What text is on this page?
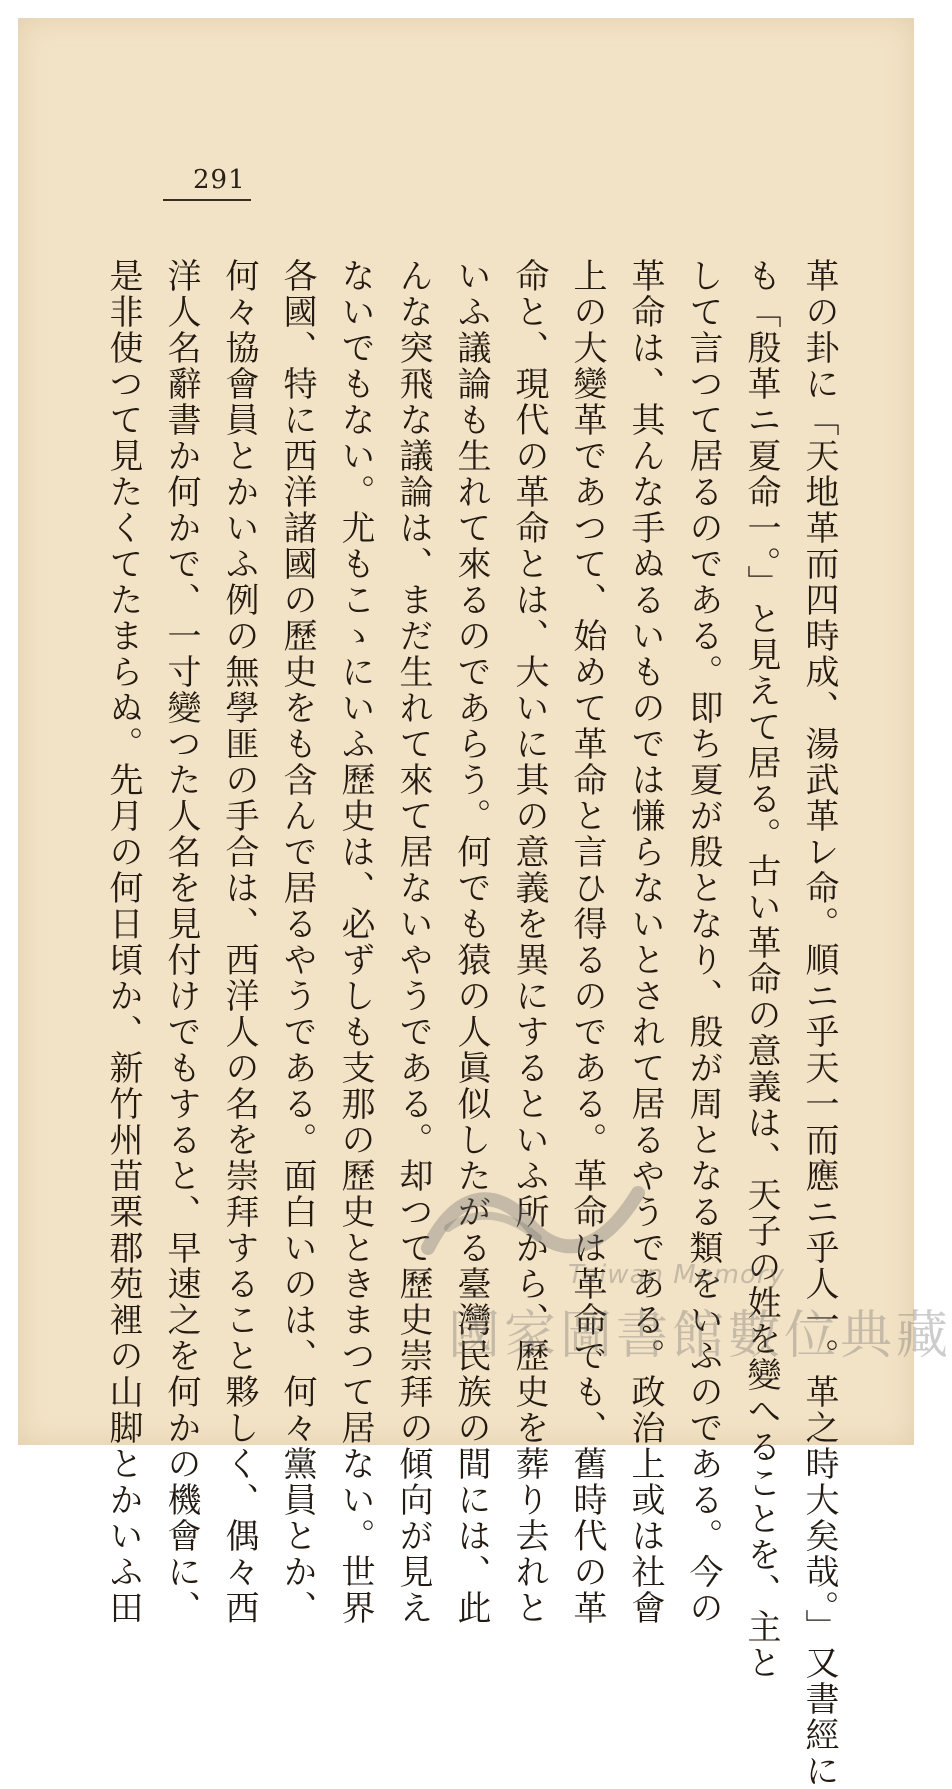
291
革の卦に「天地革而四時成、湯武革レ命。順ニ乎天一而應ニ乎人一。革之時大矣哉。」又書經に
も「殷革ニ夏命一。」と見えて居る。古い革命の意義は、天子の姓を變へることを、主と
して言つて居るのである。即ち夏が殷となり、殷が周となる類をいふのである。今の
革命は、其んな手ぬるいものでは慊らないとされて居るやうである。政治上或は社會
上の大變革であつて、始めて革命と言ひ得るのである。革命は革命でも、舊時代の革
命と、現代の革命とは、大いに其の意義を異にするといふ所から、歷史を葬り去れと
いふ議論も生れて來るのであらう。何でも猿の人眞似したがる臺灣民族の間には、此
んな突飛な議論は、まだ生れて來て居ないやうである。却つて歷史崇拜の傾向が見え
ないでもない。尤もこゝにいふ歷史は、必ずしも支那の歷史ときまつて居ない。世界
各國、特に西洋諸國の歷史をも含んで居るやうである。面白いのは、何々黨員とか、
何々協會員とかいふ例の無學匪の手合は、西洋人の名を崇拜すること夥しく、偶々西
洋人名辭書か何かで、一寸變つた人名を見付けでもすると、早速之を何かの機會に、
是非使つて見たくてたまらぬ。先月の何日頃か、新竹州苗栗郡苑裡の山脚とかいふ田	Taiwan Memory
國家圖書館數位典藏
